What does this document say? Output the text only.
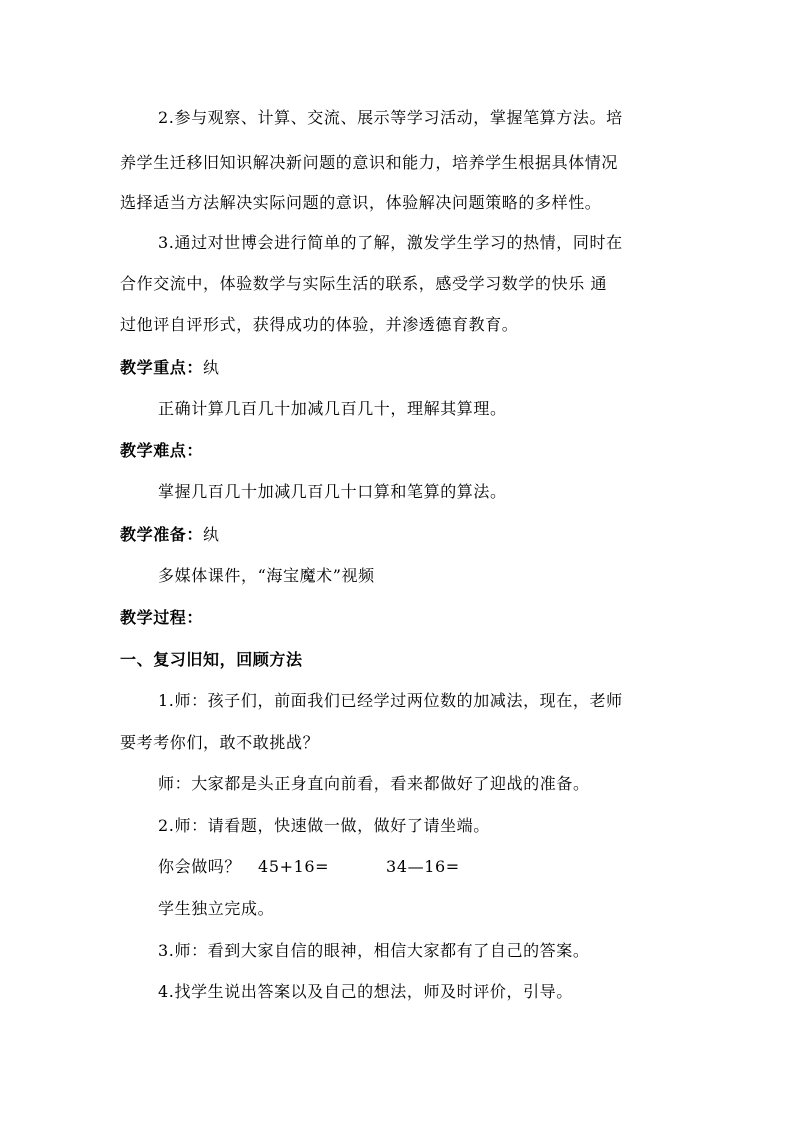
2.参与观察、计算、交流、展示等学习活动，掌握笔算方法。培
养学生迁移旧知识解决新问题的意识和能力，培养学生根据具体情况
选择适当方法解决实际问题的意识，体验解决问题策略的多样性。
3.通过对世博会进行简单的了解，激发学生学习的热情，同时在
合作交流中，体验数学与实际生活的联系，感受学习数学的快乐 通
过他评自评形式，获得成功的体验，并渗透德育教育。
教学重点：纨
正确计算几百几十加减几百几十，理解其算理。
教学难点：
掌握几百几十加减几百几十口算和笔算的算法。
教学准备：纨
多媒体课件，“海宝魔术”视频
教学过程：
一、复习旧知，回顾方法
1.师：孩子们，前面我们已经学过两位数的加减法，现在，老师
要考考你们，敢不敢挑战？
师：大家都是头正身直向前看，看来都做好了迎战的准备。
2.师：请看题，快速做一做，做好了请坐端。
你会做吗？   45+16=          34—16=
学生独立完成。
3.师：看到大家自信的眼神，相信大家都有了自己的答案。
4.找学生说出答案以及自己的想法，师及时评价，引导。
